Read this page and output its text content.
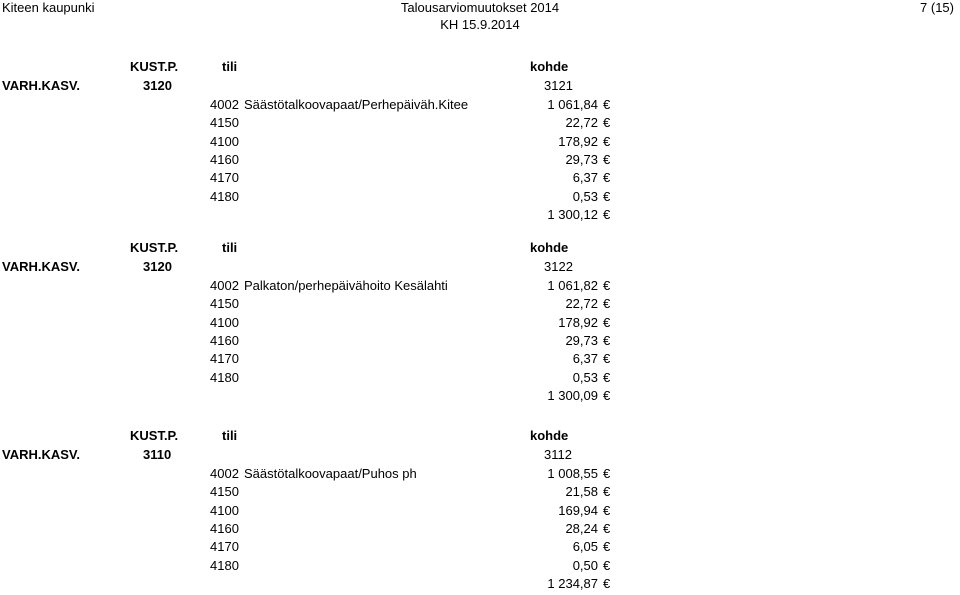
Kiteen kaupunki	Talousarviomuutokset 2014
KH 15.9.2014
7 (15)
KUST.P.	tili	kohde
VARH.KASV.	3120	3121
4002 Säästötalkoovapaat/Perhepäiväh.Kitee	1 061,84 €
4150	22,72 €
4100	178,92 €
4160	29,73 €
4170	6,37 €
4180	0,53 €
1 300,12 €
KUST.P.	tili	kohde
VARH.KASV.	3120	3122
4002 Palkaton/perhepäivähoito Kesälahti	1 061,82 €
4150	22,72 €
4100	178,92 €
4160	29,73 €
4170	6,37 €
4180	0,53 €
1 300,09 €
KUST.P.	tili	kohde
VARH.KASV.	3110	3112
4002 Säästötalkoovapaat/Puhos ph	1 008,55 €
4150	21,58 €
4100	169,94 €
4160	28,24 €
4170	6,05 €
4180	0,50 €
1 234,87 €
